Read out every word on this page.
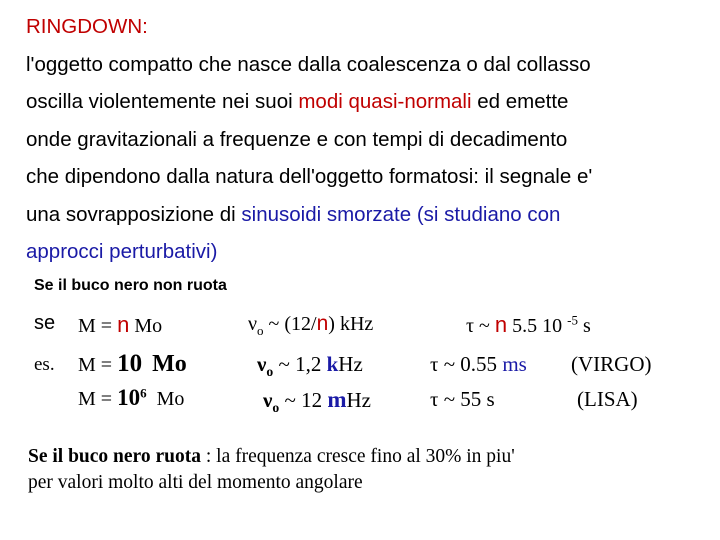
RINGDOWN:
l'oggetto compatto che nasce dalla coalescenza o dal collasso
oscilla violentemente nei suoi modi quasi-normali ed emette
onde gravitazionali a frequenze e con tempi di decadimento
che dipendono dalla natura dell'oggetto formatosi: il segnale e'
una sovrapposizione di sinusoidi smorzate (si studiano con
approcci perturbativi)
Se il buco nero non ruota
se M = n Mo	$\nu_o$ ~ (12/n) kHz	τ ~ n 5.5 10 $^{-5}$ s
es. M = 10 Mo	$\nu_o$ ~ 1,2 kHz	τ ~ 0.55 ms (VIRGO)
$M = 10^6$ Mo	$\nu_o$ ~ 12 mHz	τ ~ 55 s	(LISA)
Se il buco nero ruota : la frequenza cresce fino al 30% in piu'
per valori molto alti del momento angolare
